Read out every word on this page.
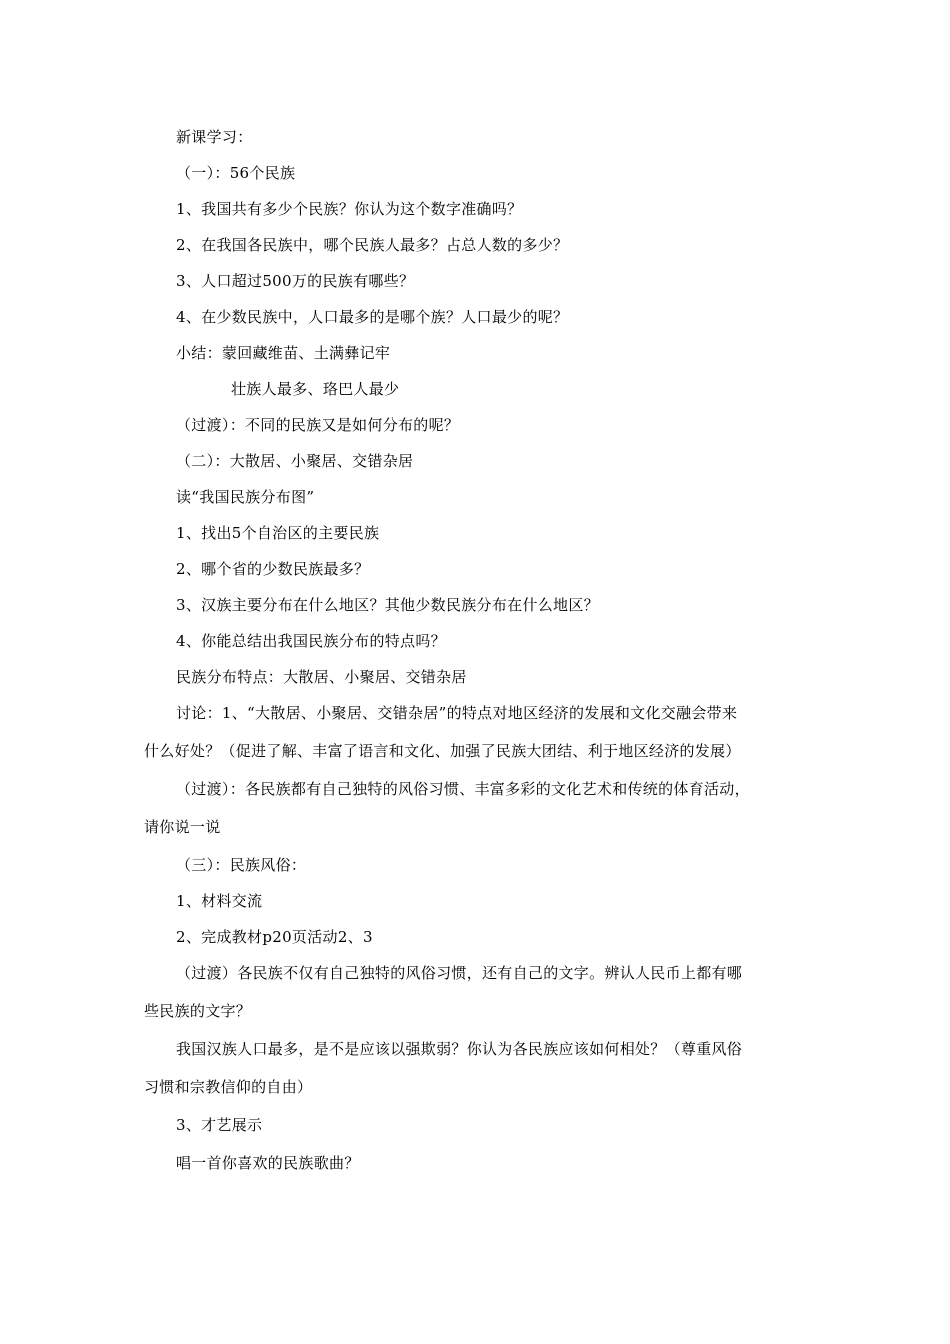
新课学习：
（一）：56个民族
1、我国共有多少个民族？你认为这个数字准确吗？
2、在我国各民族中，哪个民族人最多？占总人数的多少？
3、人口超过500万的民族有哪些？
4、在少数民族中，人口最多的是哪个族？人口最少的呢？
小结：蒙回藏维苗、土满彝记牢
壮族人最多、珞巴人最少
（过渡）：不同的民族又是如何分布的呢？
（二）：大散居、小聚居、交错杂居
读“我国民族分布图”
1、找出5个自治区的主要民族
2、哪个省的少数民族最多？
3、汉族主要分布在什么地区？其他少数民族分布在什么地区？
4、你能总结出我国民族分布的特点吗？
民族分布特点：大散居、小聚居、交错杂居
讨论：1、“大散居、小聚居、交错杂居”的特点对地区经济的发展和文化交融会带来
什么好处？（促进了解、丰富了语言和文化、加强了民族大团结、利于地区经济的发展）
（过渡）：各民族都有自己独特的风俗习惯、丰富多彩的文化艺术和传统的体育活动，
请你说一说
（三）：民族风俗：
1、材料交流
2、完成教材p20页活动2、3
（过渡）各民族不仅有自己独特的风俗习惯，还有自己的文字。辨认人民币上都有哪
些民族的文字？
我国汉族人口最多，是不是应该以强欺弱？你认为各民族应该如何相处？（尊重风俗
习惯和宗教信仰的自由）
3、才艺展示
唱一首你喜欢的民族歌曲？
